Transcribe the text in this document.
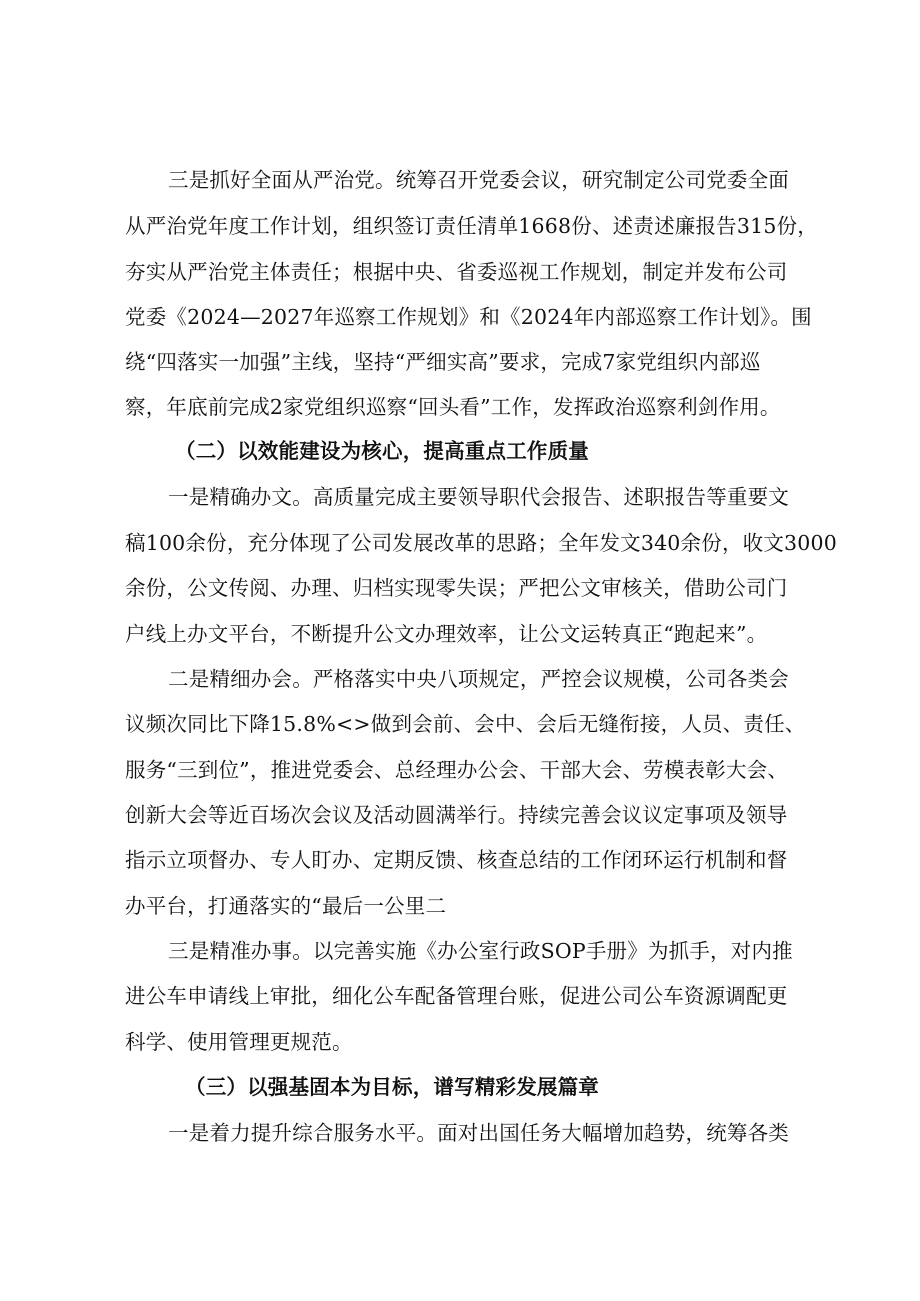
三是抓好全面从严治党。统筹召开党委会议，研究制定公司党委全面
从严治党年度工作计划，组织签订责任清单1668份、述责述廉报告315份，
夯实从严治党主体责任；根据中央、省委巡视工作规划，制定并发布公司
党委《2024—2027年巡察工作规划》和《2024年内部巡察工作计划》。围
绕“四落实一加强”主线，坚持“严细实高”要求，完成7家党组织内部巡
察，年底前完成2家党组织巡察“回头看”工作，发挥政治巡察利剑作用。
（二）以效能建设为核心，提高重点工作质量
一是精确办文。高质量完成主要领导职代会报告、述职报告等重要文
稿100余份，充分体现了公司发展改革的思路；全年发文340余份，收文3000
余份，公文传阅、办理、归档实现零失误；严把公文审核关，借助公司门
户线上办文平台，不断提升公文办理效率，让公文运转真正“跑起来”。
二是精细办会。严格落实中央八项规定，严控会议规模，公司各类会
议频次同比下降15.8%<>做到会前、会中、会后无缝衔接，人员、责任、
服务“三到位”，推进党委会、总经理办公会、干部大会、劳模表彰大会、
创新大会等近百场次会议及活动圆满举行。持续完善会议议定事项及领导
指示立项督办、专人盯办、定期反馈、核查总结的工作闭环运行机制和督
办平台，打通落实的“最后一公里二
三是精准办事。以完善实施《办公室行政SOP手册》为抓手，对内推
进公车申请线上审批，细化公车配备管理台账，促进公司公车资源调配更
科学、使用管理更规范。
（三）以强基固本为目标，谱写精彩发展篇章
一是着力提升综合服务水平。面对出国任务大幅增加趋势，统筹各类
